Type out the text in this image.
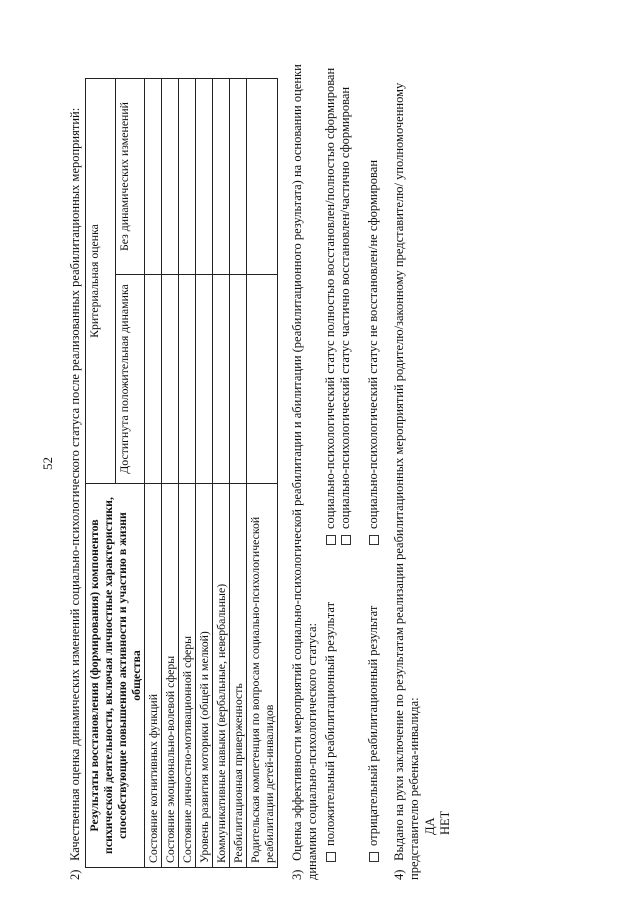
52
2) Качественная оценка динамических изменений социально-психологического статуса после реализованных реабилитационных мероприятий: Результаты восстановления (формирования) компонентов психической деятельности, включая личностные характеристики, способствующие повышению активности и участию в жизни общества	Критериальная оценка	
	Достигнута положительная динамика	Без динамических изменений
Состояние когнитивных функций		
Состояние эмоционально-волевой сферы		
Состояние личностно-мотивационной сферы		
Уровень развития моторики (общей и мелкой)		
Коммуникативные навыки (вербальные, невербальные)		
Реабилитационная приверженность		
Родительская компетенция по вопросам социально-психологической реабилитации детей-инвалидов		
3) Оценка эффективности мероприятий социально-психологической реабилитации и абилитации (реабилитационного результата) на основании оценки динамики социально-психологического статуса: положительный реабилитационный результат
социально-психологический статус полностью восстановлен/полностью сформирован социально-психологический статус частично восстановлен/частично сформирован
отрицательный реабилитационный результат
социально-психологический статус не восстановлен/не сформирован
4) Выдано на руки заключение по результатам реализации реабилитационных мероприятий родителю/законному представителю/ уполномоченному представителю ребенка-инвалида: ДА НЕТ
